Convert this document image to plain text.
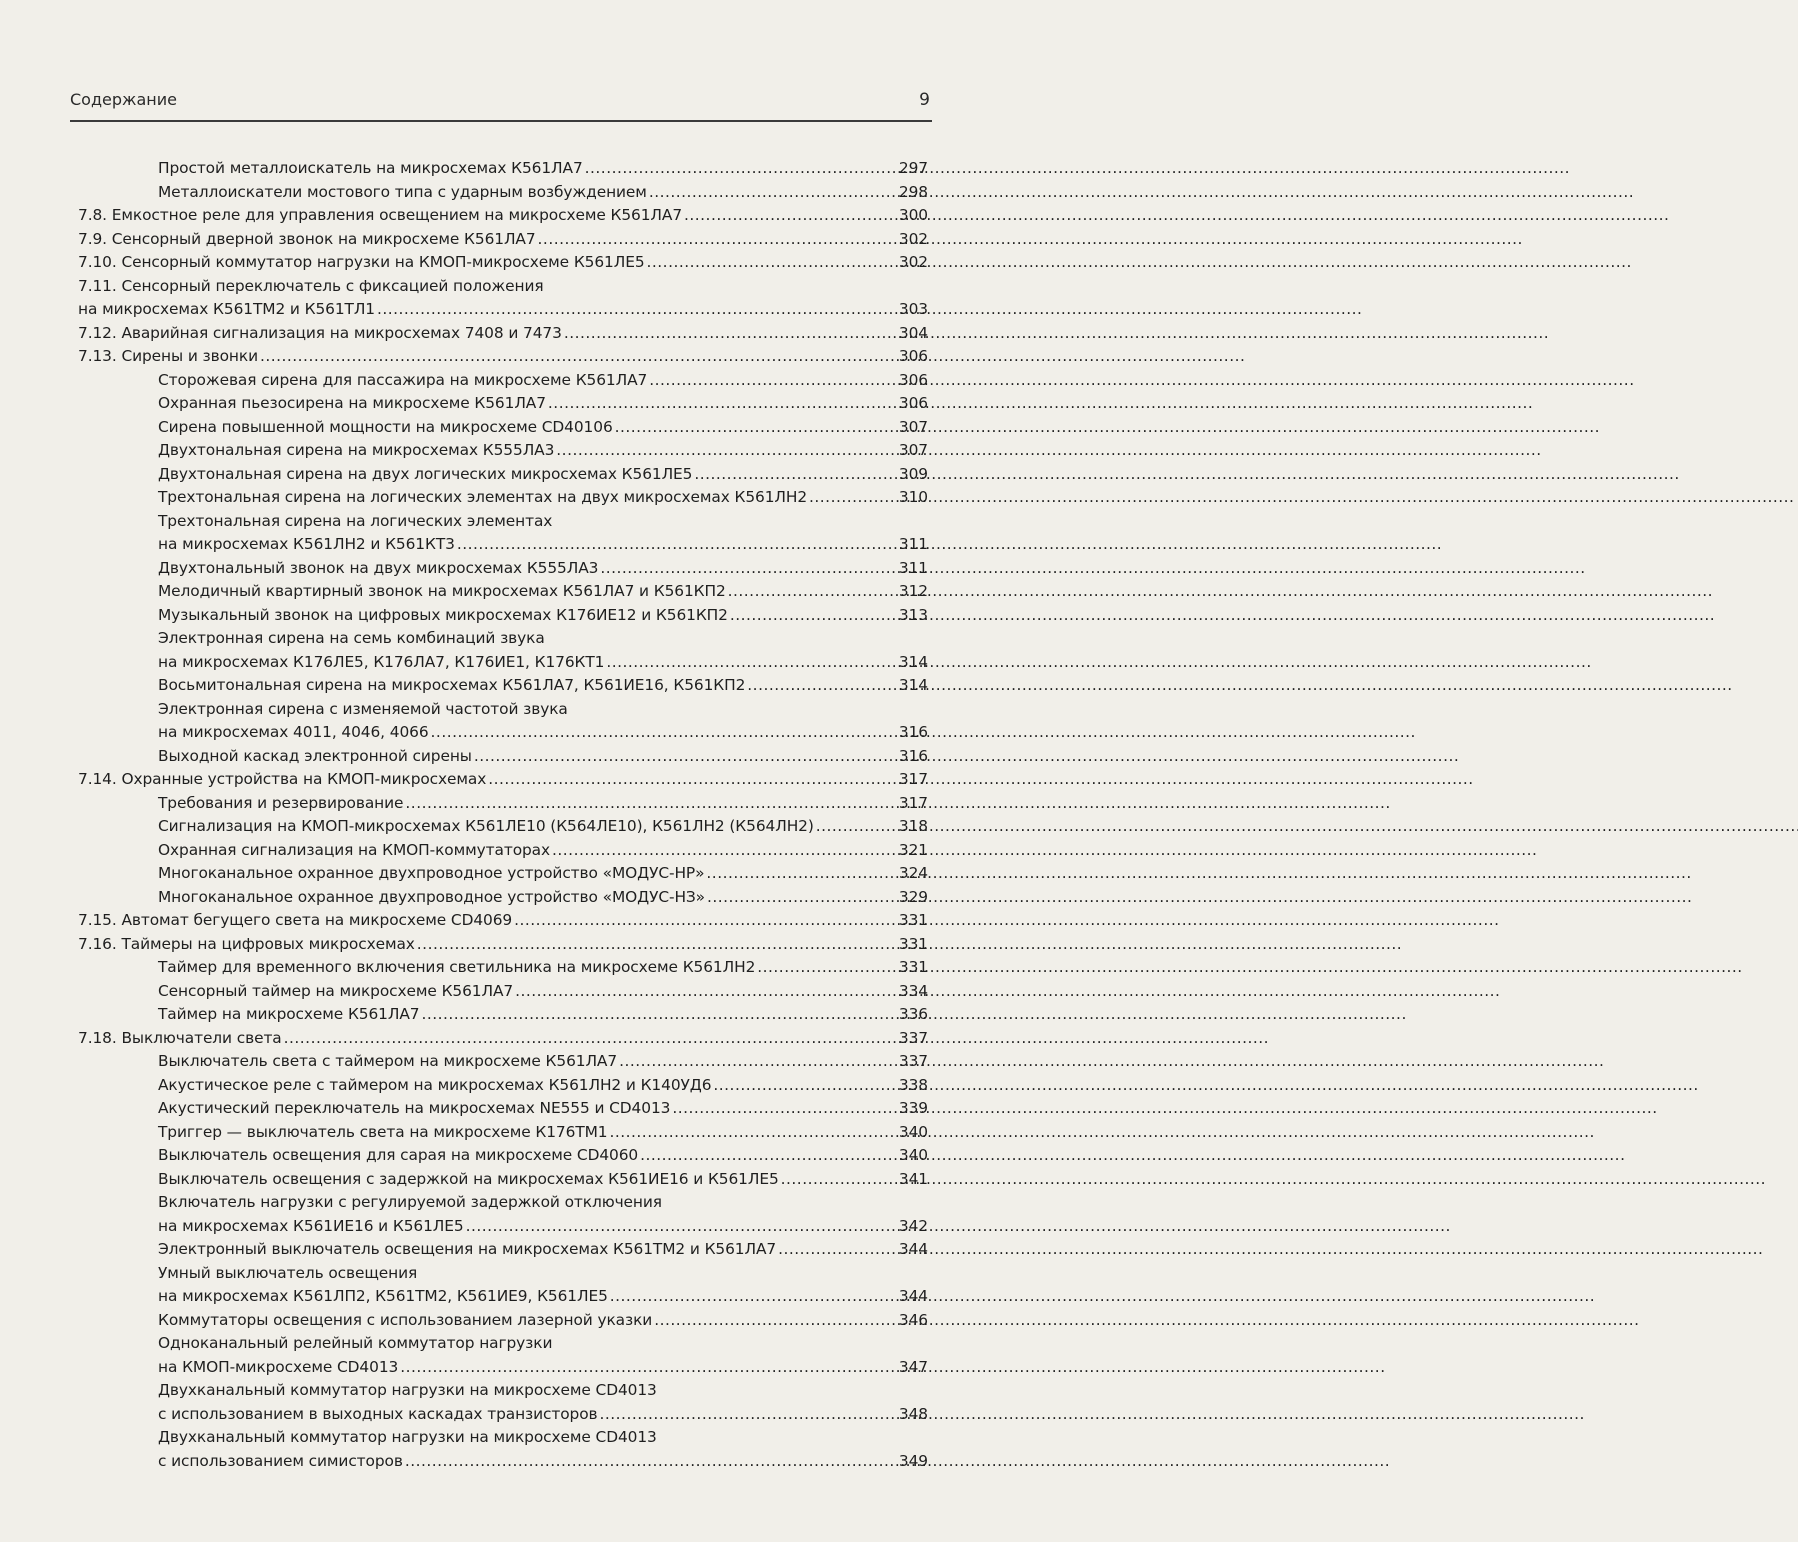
Содержание	9
Простой металлоискатель на микросхемах К561ЛА7 . . .	297
Металлоискатели мостового типа с ударным возбуждением . . .	298
7.8. Емкостное реле для управления освещением на микросхеме К561ЛА7 . . .	300
7.9. Сенсорный дверной звонок на микросхеме К561ЛА7 . . .	302
7.10. Сенсорный коммутатор нагрузки на КМОП-микросхеме К561ЛЕ5 . . .	302
7.11. Сенсорный переключатель с фиксацией положения
на микросхемах К561ТМ2 и К561ТЛ1 . . .	303
7.12. Аварийная сигнализация на микросхемах 7408 и 7473 . . .	304
7.13. Сирены и звонки . . .	306
Сторожевая сирена для пассажира на микросхеме К561ЛА7 . . .	306
Охранная пьезосирена на микросхеме К561ЛА7 . . .	306
Сирена повышенной мощности на микросхеме CD40106 . . .	307
Двухтональная сирена на микросхемах К555ЛА3 . . .	307
Двухтональная сирена на двух логических микросхемах К561ЛЕ5 . . .	309
Трехтональная сирена на логических элементах на двух микросхемах К561ЛН2 . . .	310
Трехтональная сирена на логических элементах
на микросхемах К561ЛН2 и К561КТ3 . . .	311
Двухтональный звонок на двух микросхемах К555ЛА3 . . .	311
Мелодичный квартирный звонок на микросхемах К561ЛА7 и К561КП2 . . .	312
Музыкальный звонок на цифровых микросхемах К176ИЕ12 и К561КП2 . . .	313
Электронная сирена на семь комбинаций звука
на микросхемах К176ЛЕ5, К176ЛА7, К176ИЕ1, К176КТ1 . . .	314
Восьмитональная сирена на микросхемах К561ЛА7, К561ИЕ16, К561КП2 . . .	314
Электронная сирена с изменяемой частотой звука
на микросхемах 4011, 4046, 4066 . . .	316
Выходной каскад электронной сирены . . .	316
7.14. Охранные устройства на КМОП-микросхемах . . .	317
Требования и резервирование . . .	317
Сигнализация на КМОП-микросхемах К561ЛЕ10 (К564ЛЕ10), К561ЛН2 (К564ЛН2) . . .	318
Охранная сигнализация на КМОП-коммутаторах . . .	321
Многоканальное охранное двухпроводное устройство «МОДУС-НР» . . .	324
Многоканальное охранное двухпроводное устройство «МОДУС-НЗ» . . .	329
7.15. Автомат бегущего света на микросхеме CD4069 . . .	331
7.16. Таймеры на цифровых микросхемах . . .	331
Таймер для временного включения светильника на микросхеме К561ЛН2 . . .	331
Сенсорный таймер на микросхеме К561ЛА7 . . .	334
Таймер на микросхеме К561ЛА7 . . .	336
7.18. Выключатели света . . .	337
Выключатель света с таймером на микросхеме К561ЛА7 . . .	337
Акустическое реле с таймером на микросхемах К561ЛН2 и К140УД6 . . .	338
Акустический переключатель на микросхемах NE555 и CD4013 . . .	339
Триггер — выключатель света на микросхеме К176ТМ1 . . .	340
Выключатель освещения для сарая на микросхеме CD4060 . . .	340
Выключатель освещения с задержкой на микросхемах К561ИЕ16 и К561ЛЕ5 . . .	341
Включатель нагрузки с регулируемой задержкой отключения
на микросхемах К561ИЕ16 и К561ЛЕ5 . . .	342
Электронный выключатель освещения на микросхемах К561ТМ2 и К561ЛА7 . . .	344
Умный выключатель освещения
на микросхемах К561ЛП2, К561ТМ2, К561ИЕ9, К561ЛЕ5 . . .	344
Коммутаторы освещения с использованием лазерной указки . . .	346
Одноканальный релейный коммутатор нагрузки
на КМОП-микросхеме CD4013 . . .	347
Двухканальный коммутатор нагрузки на микросхеме CD4013
с использованием в выходных каскадах транзисторов . . .	348
Двухканальный коммутатор нагрузки на микросхеме CD4013
с использованием симисторов . . .	349
